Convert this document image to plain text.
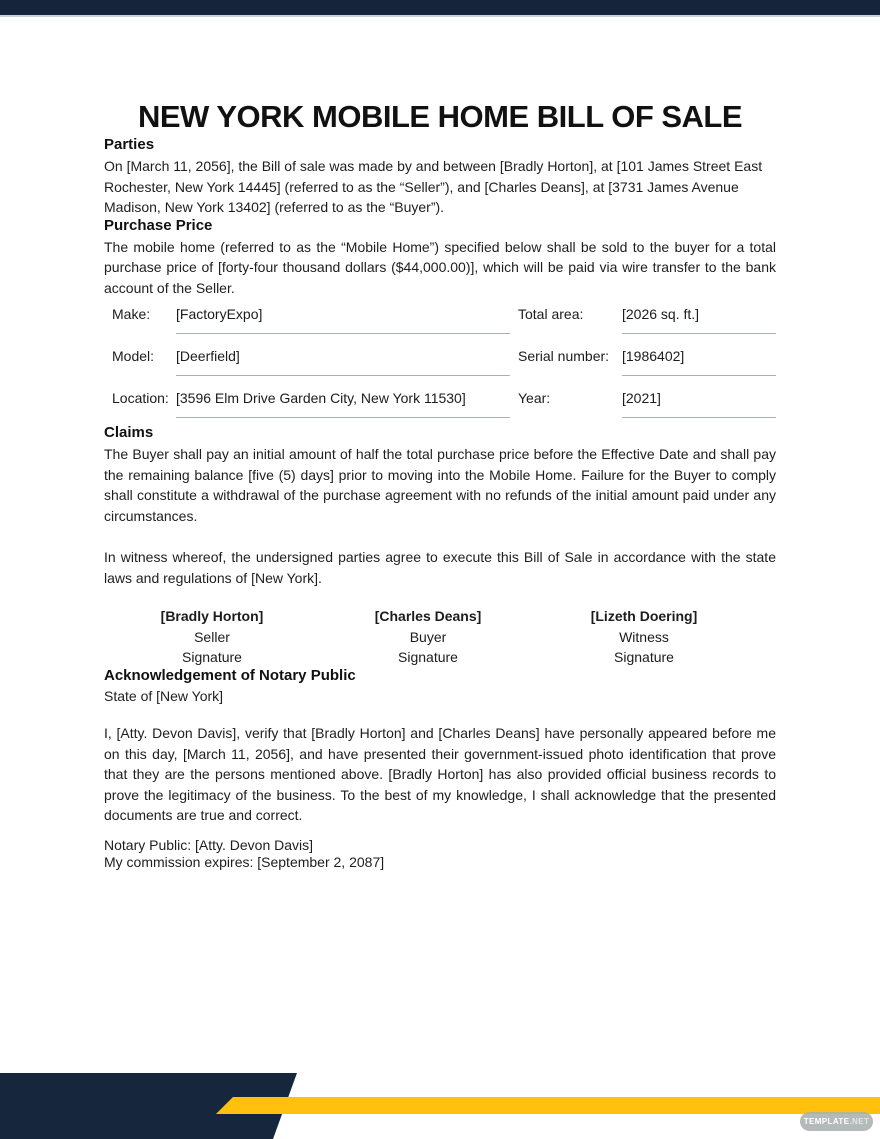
NEW YORK MOBILE HOME BILL OF SALE
Parties

On [March 11, 2056], the Bill of sale was made by and between [Bradly Horton], at [101 James Street East Rochester, New York 14445] (referred to as the “Seller”), and [Charles Deans], at [3731 James Avenue Madison, New York 13402] (referred to as the “Buyer”).

Purchase Price

The mobile home (referred to as the “Mobile Home”) specified below shall be sold to the buyer for a total purchase price of [forty-four thousand dollars ($44,000.00)], which will be paid via wire transfer to the bank account of the Seller.

Make:	[FactoryExpo]	Total area:	[2026 sq. ft.]
Model:	[Deerfield]	Serial number: [1986402]
Location: [3596 Elm Drive Garden City, New York 11530]	Year:	[2021]
Claims

The Buyer shall pay an initial amount of half the total purchase price before the Effective Date and shall pay the remaining balance [five (5) days] prior to moving into the Mobile Home. Failure for the Buyer to comply shall constitute a withdrawal of the purchase agreement with no refunds of the initial amount paid under any circumstances.

In witness whereof, the undersigned parties agree to execute this Bill of Sale in accordance with the state laws and regulations of [New York].

[Bradly Horton]
Seller
Signature
[Charles Deans]
Buyer
Signature
[Lizeth Doering]
Witness
Signature
Acknowledgement of Notary Public

State of [New York]

I, [Atty. Devon Davis], verify that [Bradly Horton] and [Charles Deans] have personally appeared before me on this day, [March 11, 2056], and have presented their government-issued photo identification that prove that they are the persons mentioned above. [Bradly Horton] has also provided official business records to prove the legitimacy of the business. To the best of my knowledge, I shall acknowledge that the presented documents are true and correct.

Notary Public: [Atty. Devon Davis]
My commission expires: [September 2, 2087]

TEMPLATE .NET
